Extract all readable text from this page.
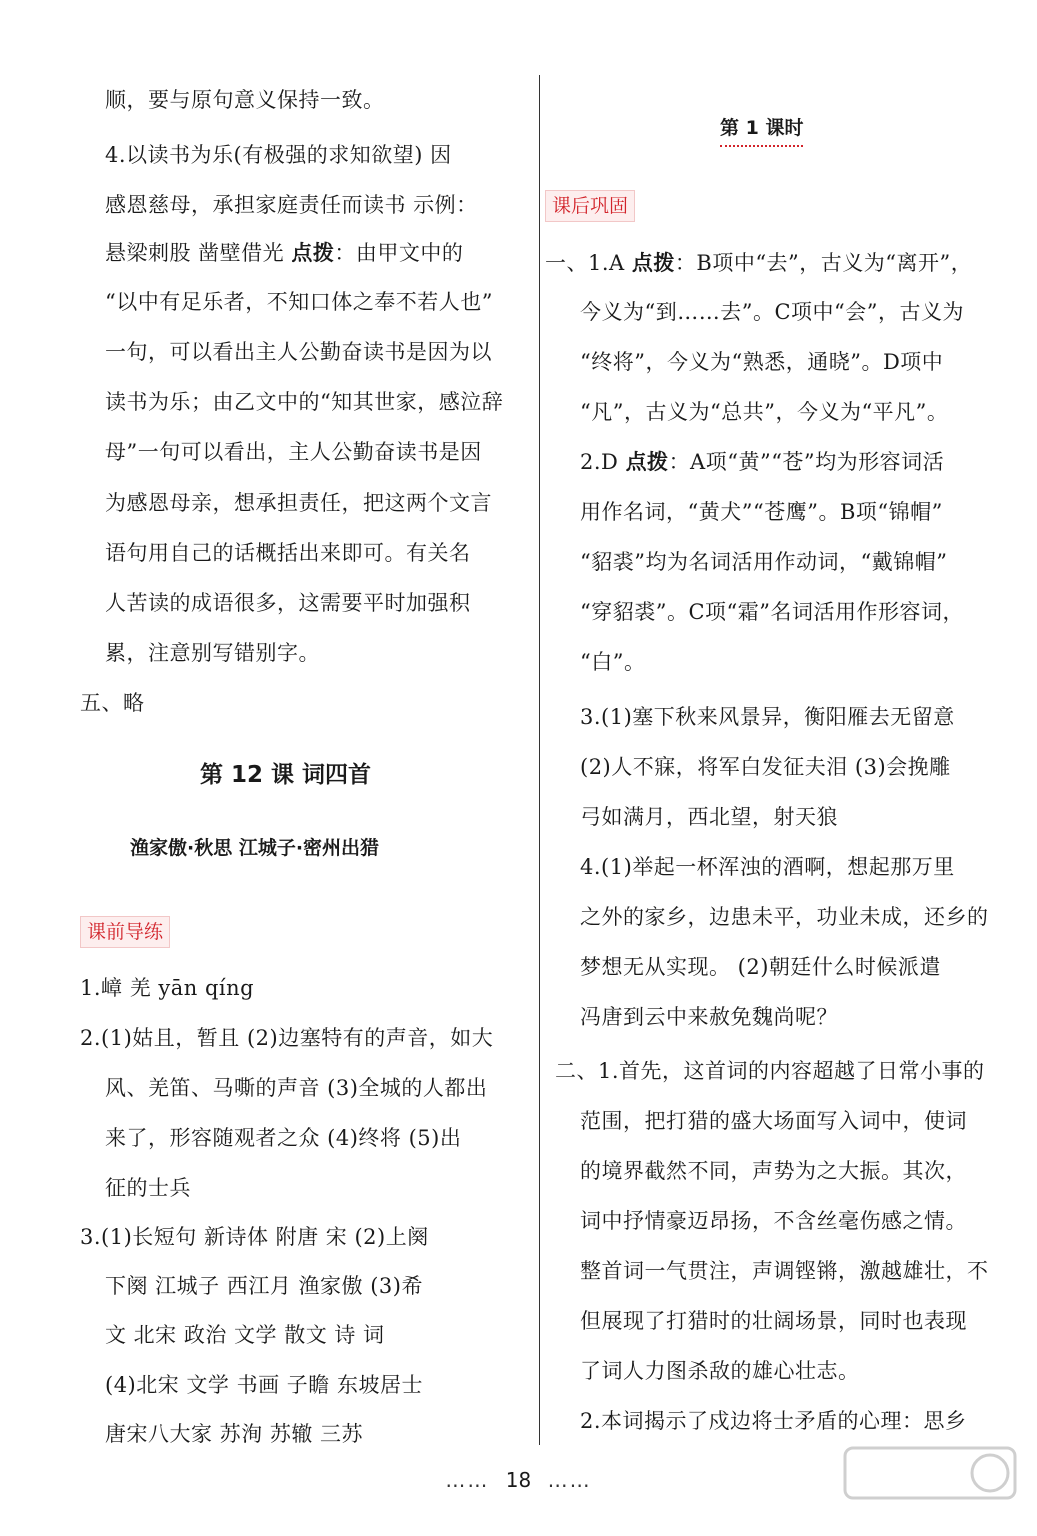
顺，要与原句意义保持一致。
4.以读书为乐(有极强的求知欲望) 因
感恩慈母，承担家庭责任而读书 示例：
悬梁刺股 凿壁借光 点拨：由甲文中的
“以中有足乐者，不知口体之奉不若人也”
一句，可以看出主人公勤奋读书是因为以
读书为乐；由乙文中的“知其世家，感泣辞
母”一句可以看出，主人公勤奋读书是因
为感恩母亲，想承担责任，把这两个文言
语句用自己的话概括出来即可。有关名
人苦读的成语很多，这需要平时加强积
累，注意别写错别字。
五、略
第 12 课 词四首
渔家傲·秋思 江城子·密州出猎
课前导练
1.嶂 羌 yān qíng
2.(1)姑且，暂且 (2)边塞特有的声音，如大
风、羌笛、马嘶的声音 (3)全城的人都出
来了，形容随观者之众 (4)终将 (5)出
征的士兵
3.(1)长短句 新诗体 附唐 宋 (2)上阕
下阕 江城子 西江月 渔家傲 (3)希
文 北宋 政治 文学 散文 诗 词
(4)北宋 文学 书画 子瞻 东坡居士
唐宋八大家 苏洵 苏辙 三苏
第 1 课时
课后巩固
一、1.A 点拨：B项中“去”，古义为“离开”，
今义为“到……去”。C项中“会”，古义为
“终将”，今义为“熟悉，通晓”。D项中
“凡”，古义为“总共”，今义为“平凡”。
2.D 点拨：A项“黄”“苍”均为形容词活
用作名词，“黄犬”“苍鹰”。B项“锦帽”
“貂裘”均为名词活用作动词，“戴锦帽”
“穿貂裘”。C项“霜”名词活用作形容词，
“白”。
3.(1)塞下秋来风景异，衡阳雁去无留意
(2)人不寐，将军白发征夫泪 (3)会挽雕
弓如满月，西北望，射天狼
4.(1)举起一杯浑浊的酒啊，想起那万里
之外的家乡，边患未平，功业未成，还乡的
梦想无从实现。 (2)朝廷什么时候派遣
冯唐到云中来赦免魏尚呢？
二、1.首先，这首词的内容超越了日常小事的
范围，把打猎的盛大场面写入词中，使词
的境界截然不同，声势为之大振。其次，
词中抒情豪迈昂扬，不含丝毫伤感之情。
整首词一气贯注，声调铿锵，激越雄壮，不
但展现了打猎时的壮阔场景，同时也表现
了词人力图杀敌的雄心壮志。
2.本词揭示了戍边将士矛盾的心理：思乡
…… 18 ……
